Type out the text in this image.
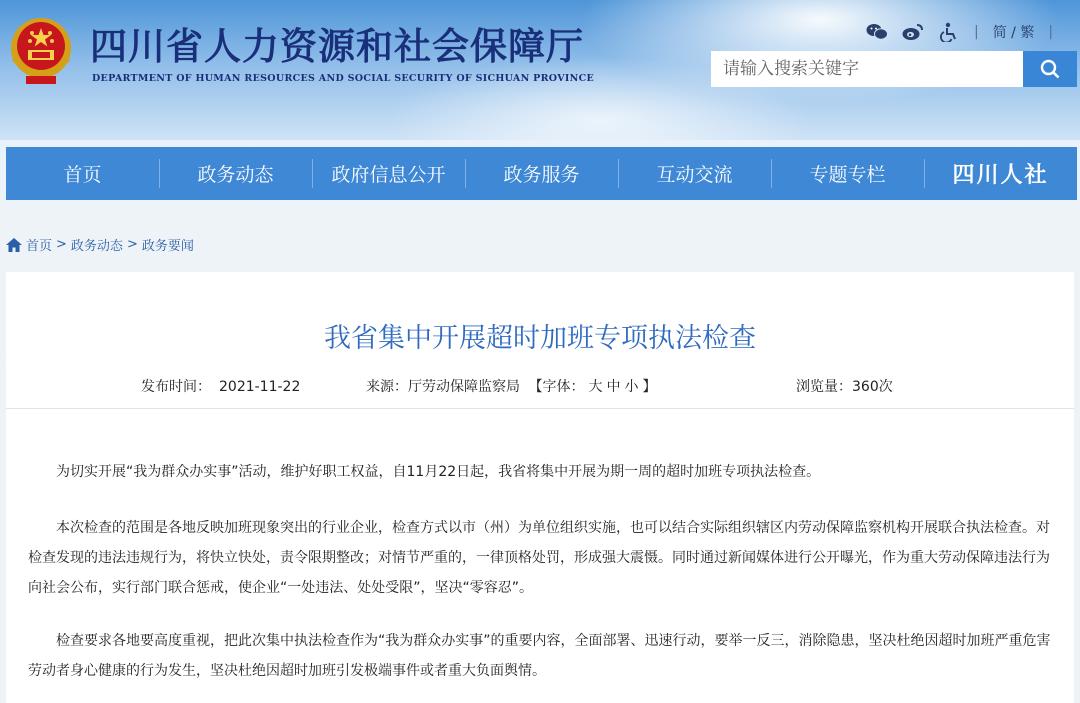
四川省人力资源和社会保障厅
DEPARTMENT OF HUMAN RESOURCES AND SOCIAL SECURITY OF SICHUAN PROVINCE
| 简 / 繁 |
请输入搜索关键字
首页	政务动态	政府信息公开	政务服务	互动交流	专题专栏	四川人社
首页 > 政务动态 > 政务要闻
我省集中开展超时加班专项执法检查
发布时间： 2021-11-22	来源：厅劳动保障监察局 【字体： 大 中 小 】	浏览量：360次

为切实开展“我为群众办实事”活动，维护好职工权益，自11月22日起，我省将集中开展为期一周的超时加班专项执法检查。

本次检查的范围是各地反映加班现象突出的行业企业，检查方式以市（州）为单位组织实施，也可以结合实际组织辖区内劳动保障监察机构开展联合执法检查。对检查发现的违法违规行为，将快立快处，责令限期整改；对情节严重的，一律顶格处罚，形成强大震慑。同时通过新闻媒体进行公开曝光，作为重大劳动保障违法行为向社会公布，实行部门联合惩戒，使企业“一处违法、处处受限”，坚决“零容忍”。

检查要求各地要高度重视，把此次集中执法检查作为“我为群众办实事”的重要内容，全面部署、迅速行动，要举一反三，消除隐患，坚决杜绝因超时加班严重危害劳动者身心健康的行为发生，坚决杜绝因超时加班引发极端事件或者重大负面舆情。
